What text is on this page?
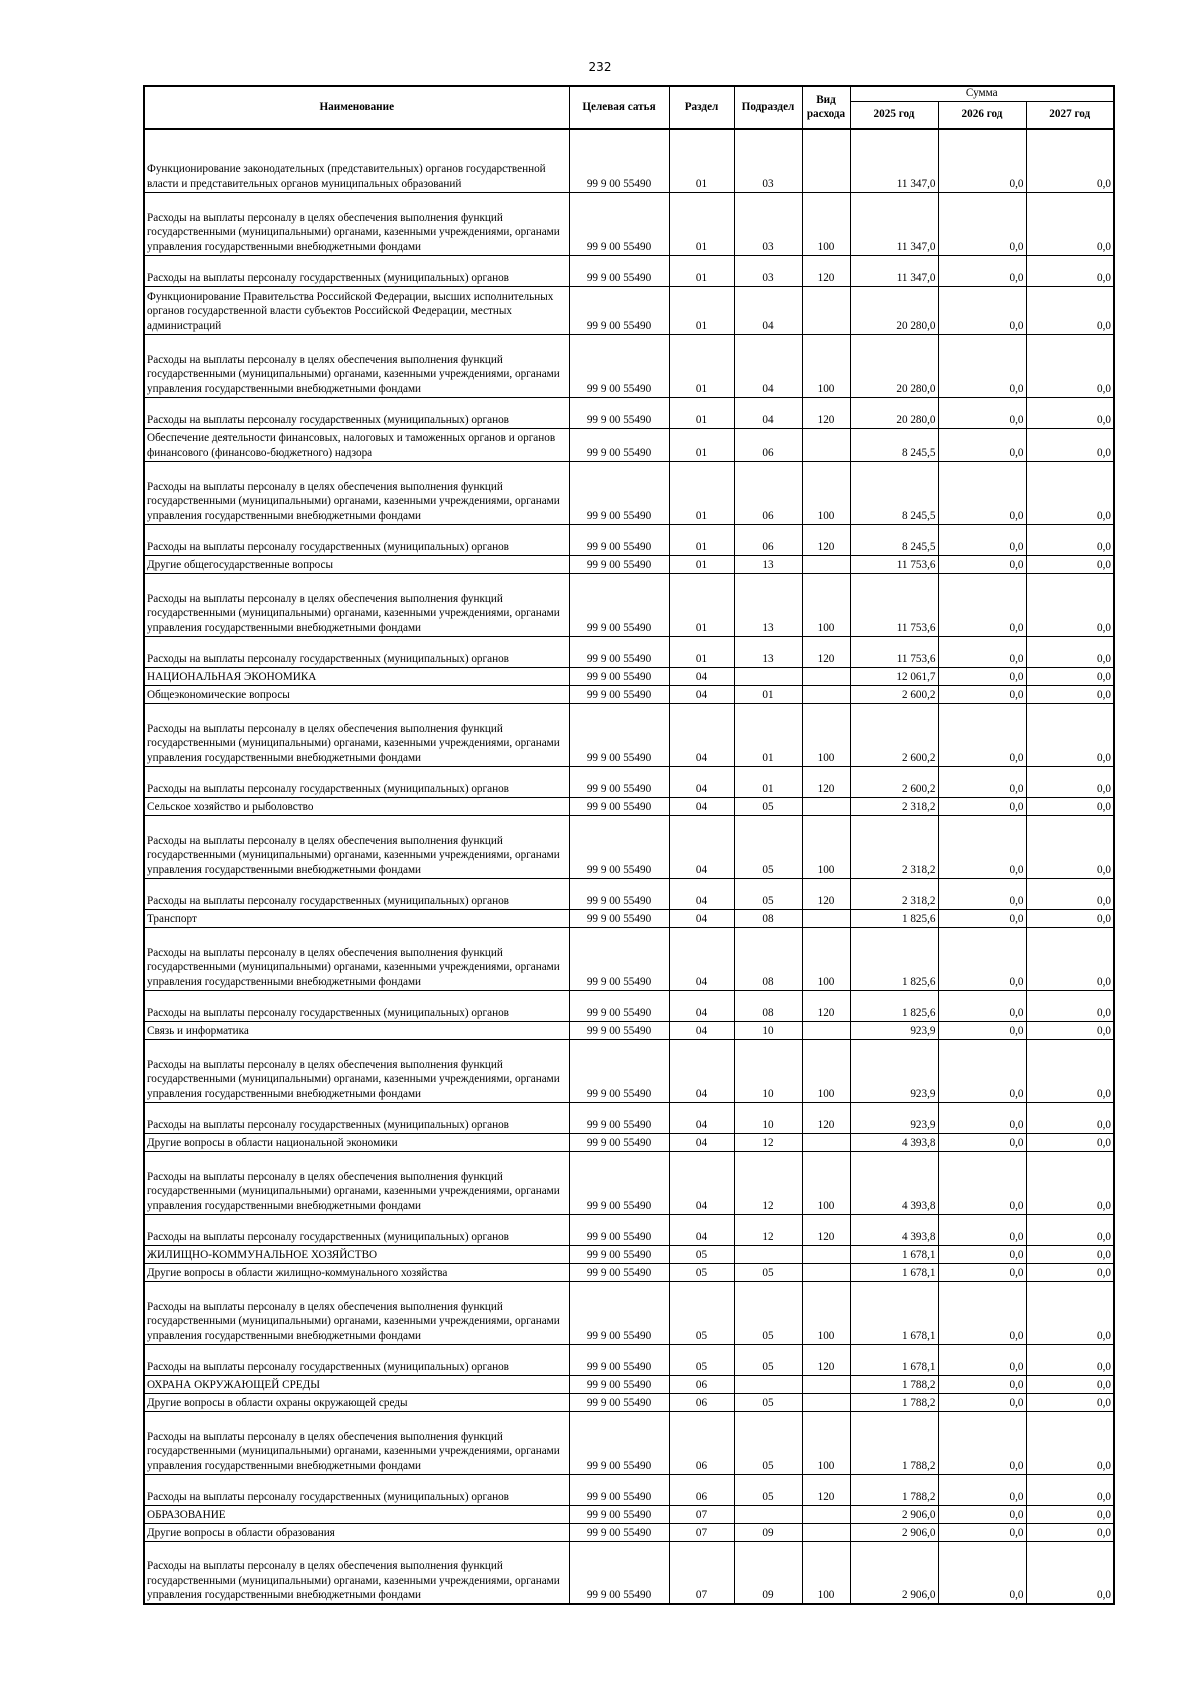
232
Наименование	Целевая сатья	Раздел	Подраздел	Вид расхода	Сумма		
					2025 год	2026 год	2027 год
Функционирование законодательных (представительных) органов государственной власти и представительных органов муниципальных образований	99 9 00 55490	01	03		11 347,0	0,0	0,0
Расходы на выплаты персоналу в целях обеспечения выполнения функций государственными (муниципальными) органами, казенными учреждениями, органами управления государственными внебюджетными фондами	99 9 00 55490	01	03	100	11 347,0	0,0	0,0
Расходы на выплаты персоналу государственных (муниципальных) органов	99 9 00 55490	01	03	120	11 347,0	0,0	0,0
Функционирование Правительства Российской Федерации, высших исполнительных органов государственной власти субъектов Российской Федерации, местных администраций	99 9 00 55490	01	04		20 280,0	0,0	0,0
Расходы на выплаты персоналу в целях обеспечения выполнения функций государственными (муниципальными) органами, казенными учреждениями, органами управления государственными внебюджетными фондами	99 9 00 55490	01	04	100	20 280,0	0,0	0,0
Расходы на выплаты персоналу государственных (муниципальных) органов	99 9 00 55490	01	04	120	20 280,0	0,0	0,0
Обеспечение деятельности финансовых, налоговых и таможенных органов и органов финансового (финансово-бюджетного) надзора	99 9 00 55490	01	06		8 245,5	0,0	0,0
Расходы на выплаты персоналу в целях обеспечения выполнения функций государственными (муниципальными) органами, казенными учреждениями, органами управления государственными внебюджетными фондами	99 9 00 55490	01	06	100	8 245,5	0,0	0,0
Расходы на выплаты персоналу государственных (муниципальных) органов	99 9 00 55490	01	06	120	8 245,5	0,0	0,0
Другие общегосударственные вопросы	99 9 00 55490	01	13		11 753,6	0,0	0,0
Расходы на выплаты персоналу в целях обеспечения выполнения функций государственными (муниципальными) органами, казенными учреждениями, органами управления государственными внебюджетными фондами	99 9 00 55490	01	13	100	11 753,6	0,0	0,0
Расходы на выплаты персоналу государственных (муниципальных) органов	99 9 00 55490	01	13	120	11 753,6	0,0	0,0
НАЦИОНАЛЬНАЯ ЭКОНОМИКА	99 9 00 55490	04			12 061,7	0,0	0,0
Общеэкономические вопросы	99 9 00 55490	04	01		2 600,2	0,0	0,0
Расходы на выплаты персоналу в целях обеспечения выполнения функций государственными (муниципальными) органами, казенными учреждениями, органами управления государственными внебюджетными фондами	99 9 00 55490	04	01	100	2 600,2	0,0	0,0
Расходы на выплаты персоналу государственных (муниципальных) органов	99 9 00 55490	04	01	120	2 600,2	0,0	0,0
Сельское хозяйство и рыболовство	99 9 00 55490	04	05		2 318,2	0,0	0,0
Расходы на выплаты персоналу в целях обеспечения выполнения функций государственными (муниципальными) органами, казенными учреждениями, органами управления государственными внебюджетными фондами	99 9 00 55490	04	05	100	2 318,2	0,0	0,0
Расходы на выплаты персоналу государственных (муниципальных) органов	99 9 00 55490	04	05	120	2 318,2	0,0	0,0
Транспорт	99 9 00 55490	04	08		1 825,6	0,0	0,0
Расходы на выплаты персоналу в целях обеспечения выполнения функций государственными (муниципальными) органами, казенными учреждениями, органами управления государственными внебюджетными фондами	99 9 00 55490	04	08	100	1 825,6	0,0	0,0
Расходы на выплаты персоналу государственных (муниципальных) органов	99 9 00 55490	04	08	120	1 825,6	0,0	0,0
Связь и информатика	99 9 00 55490	04	10		923,9	0,0	0,0
Расходы на выплаты персоналу в целях обеспечения выполнения функций государственными (муниципальными) органами, казенными учреждениями, органами управления государственными внебюджетными фондами	99 9 00 55490	04	10	100	923,9	0,0	0,0
Расходы на выплаты персоналу государственных (муниципальных) органов	99 9 00 55490	04	10	120	923,9	0,0	0,0
Другие вопросы в области национальной экономики	99 9 00 55490	04	12		4 393,8	0,0	0,0
Расходы на выплаты персоналу в целях обеспечения выполнения функций государственными (муниципальными) органами, казенными учреждениями, органами управления государственными внебюджетными фондами	99 9 00 55490	04	12	100	4 393,8	0,0	0,0
Расходы на выплаты персоналу государственных (муниципальных) органов	99 9 00 55490	04	12	120	4 393,8	0,0	0,0
ЖИЛИЩНО-КОММУНАЛЬНОЕ ХОЗЯЙСТВО	99 9 00 55490	05			1 678,1	0,0	0,0
Другие вопросы в области жилищно-коммунального хозяйства	99 9 00 55490	05	05		1 678,1	0,0	0,0
Расходы на выплаты персоналу в целях обеспечения выполнения функций государственными (муниципальными) органами, казенными учреждениями, органами управления государственными внебюджетными фондами	99 9 00 55490	05	05	100	1 678,1	0,0	0,0
Расходы на выплаты персоналу государственных (муниципальных) органов	99 9 00 55490	05	05	120	1 678,1	0,0	0,0
ОХРАНА ОКРУЖАЮЩЕЙ СРЕДЫ	99 9 00 55490	06			1 788,2	0,0	0,0
Другие вопросы в области охраны окружающей среды	99 9 00 55490	06	05		1 788,2	0,0	0,0
Расходы на выплаты персоналу в целях обеспечения выполнения функций государственными (муниципальными) органами, казенными учреждениями, органами управления государственными внебюджетными фондами	99 9 00 55490	06	05	100	1 788,2	0,0	0,0
Расходы на выплаты персоналу государственных (муниципальных) органов	99 9 00 55490	06	05	120	1 788,2	0,0	0,0
ОБРАЗОВАНИЕ	99 9 00 55490	07			2 906,0	0,0	0,0
Другие вопросы в области образования	99 9 00 55490	07	09		2 906,0	0,0	0,0
Расходы на выплаты персоналу в целях обеспечения выполнения функций государственными (муниципальными) органами, казенными учреждениями, органами управления государственными внебюджетными фондами	99 9 00 55490	07	09	100	2 906,0	0,0	0,0
